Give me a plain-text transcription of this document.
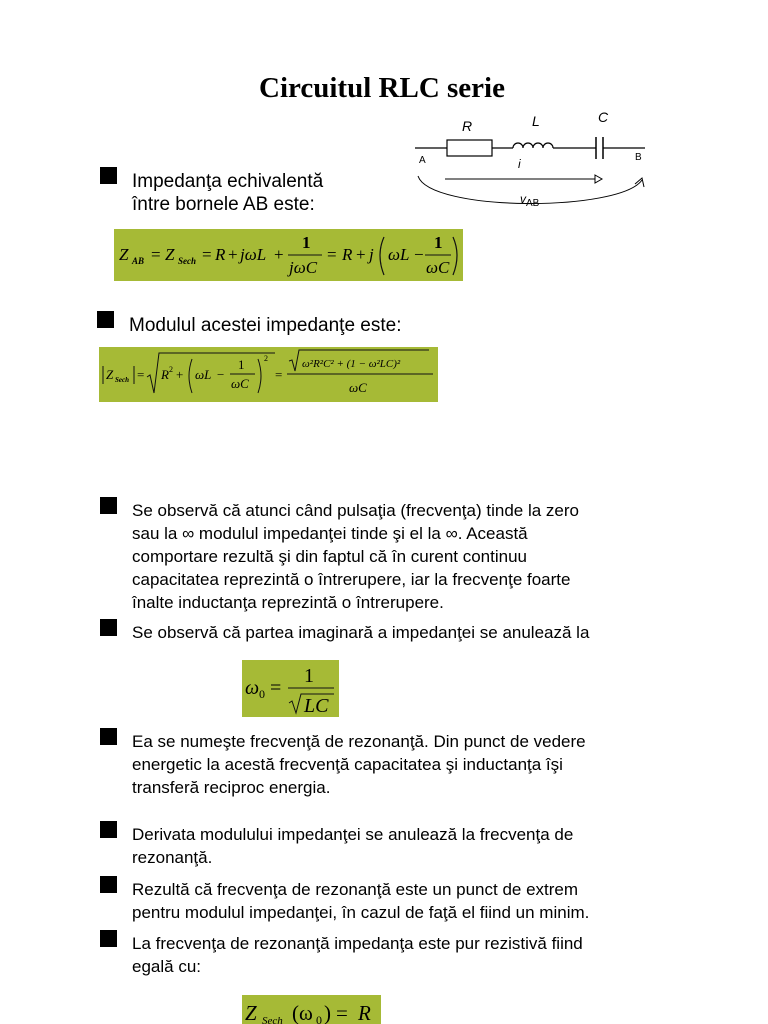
Circuitul RLC serie
R	L	C
A	B
i
$v_{AB}$
Impedanţa echivalentă
între bornele AB este:
Z AB = Z Sech = R + jωL +
1
jωC
= R + j ωL −
1
ωC
Modulul acestei impedanţe este:
Z Sech = R 2 + ωL −
1
ωC
2
=
ω²R²C² + (1 − ω²LC)²
ωC
Se observă că atunci când pulsaţia (frecvenţa) tinde la zero
sau la ∞ modulul impedanţei tinde şi el la ∞. Această
comportare rezultă şi din faptul că în curent continuu
capacitatea reprezintă o întrerupere, iar la frecvenţe foarte
înalte inductanţa reprezintă o întrerupere.
Se observă că partea imaginară a impedanţei se anulează la
ω 0 =
1
LC
Ea se numeşte frecvenţă de rezonanţă. Din punct de vedere
energetic la acestă frecvenţă capacitatea şi inductanţa îşi
transferă reciproc energia.
Derivata modulului impedanţei se anulează la frecvenţa de
rezonanţă.
Rezultă că frecvenţa de rezonanţă este un punct de extrem
pentru modulul impedanţei, în cazul de faţă el fiind un minim.
La frecvenţa de rezonanţă impedanţa este pur rezistivă fiind
egală cu:
Z Sech (ω 0 ) = R
